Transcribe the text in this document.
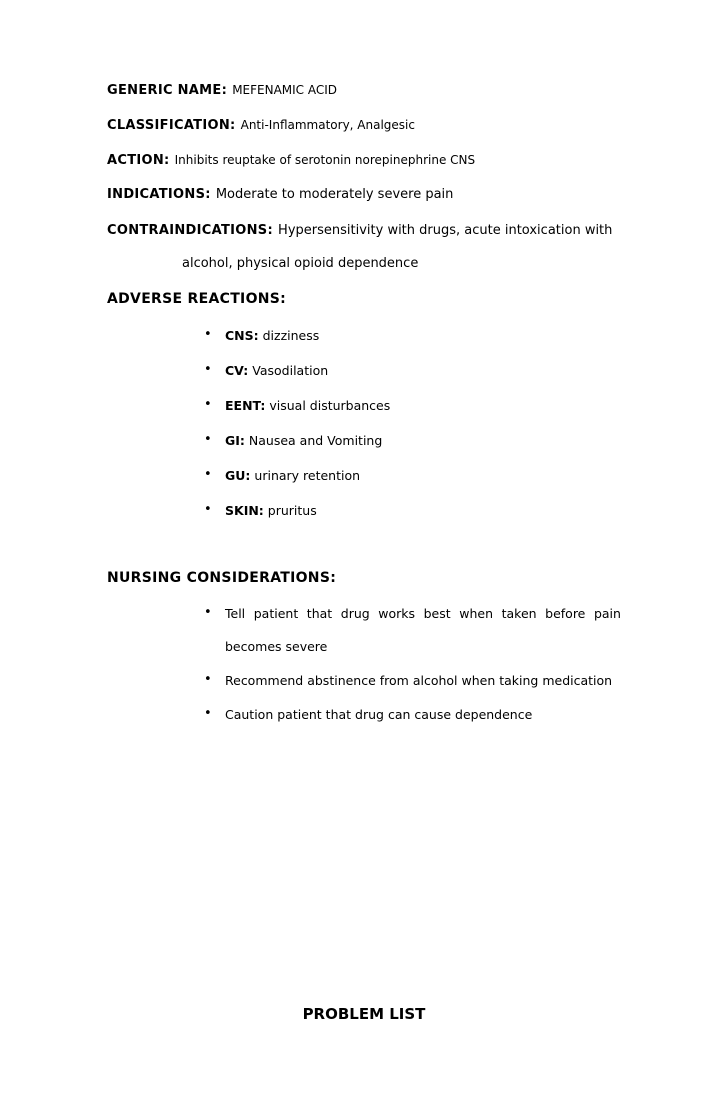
GENERIC NAME: MEFENAMIC ACID
CLASSIFICATION: Anti-Inflammatory, Analgesic
ACTION: Inhibits reuptake of serotonin norepinephrine CNS
INDICATIONS: Moderate to moderately severe pain
CONTRAINDICATIONS: Hypersensitivity with drugs, acute intoxication with
alcohol, physical opioid dependence
ADVERSE REACTIONS:
• CNS: dizziness
• CV: Vasodilation
• EENT: visual disturbances
• GI: Nausea and Vomiting
• GU: urinary retention
• SKIN: pruritus
NURSING CONSIDERATIONS:
• Tell patient that drug works best when taken before pain
becomes severe
• Recommend abstinence from alcohol when taking medication
• Caution patient that drug can cause dependence
PROBLEM LIST
